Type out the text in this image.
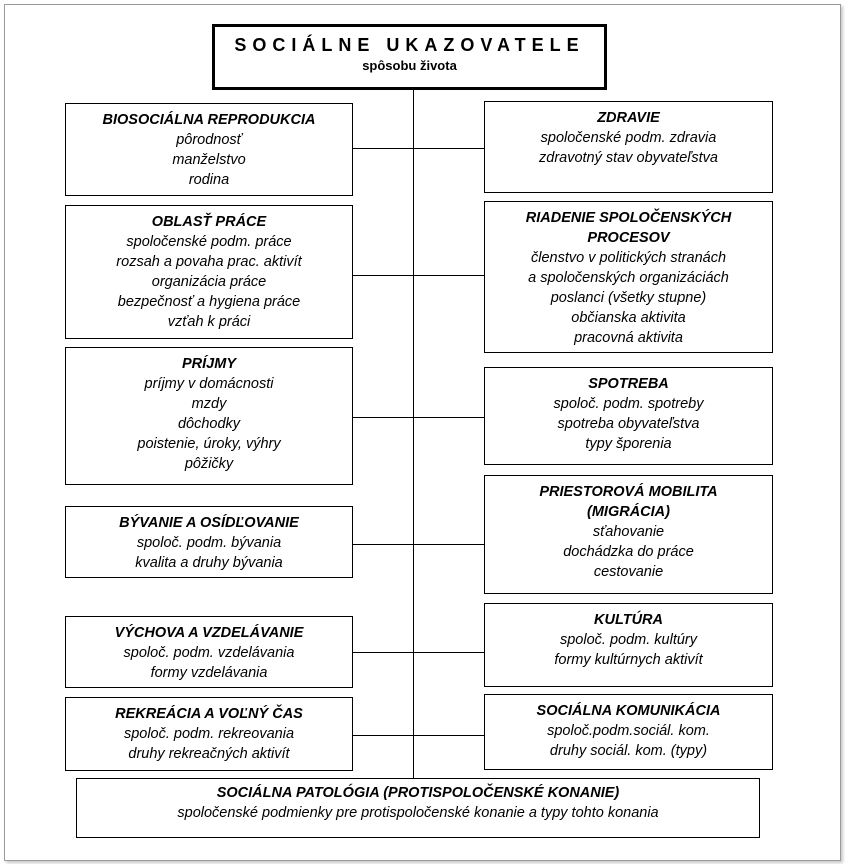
SOCIÁLNE UKAZOVATELE
spôsobu života
BIOSOCIÁLNA REPRODUKCIA
pôrodnosť
manželstvo
rodina
OBLASŤ PRÁCE
spoločenské podm. práce
rozsah a povaha prac. aktivít
organizácia práce
bezpečnosť a hygiena práce
vzťah k práci
PRÍJMY
príjmy v domácnosti
mzdy
dôchodky
poistenie, úroky, výhry
pôžičky
BÝVANIE A OSÍDĽOVANIE
spoloč. podm. bývania
kvalita a druhy bývania
VÝCHOVA A VZDELÁVANIE
spoloč. podm. vzdelávania
formy vzdelávania
REKREÁCIA A VOĽNÝ ČAS
spoloč. podm. rekreovania
druhy rekreačných aktivít
ZDRAVIE
spoločenské podm. zdravia
zdravotný stav obyvateľstva
RIADENIE SPOLOČENSKÝCH
PROCESOV
členstvo v politických stranách
a spoločenských organizáciách
poslanci (všetky stupne)
občianska aktivita
pracovná aktivita
SPOTREBA
spoloč. podm. spotreby
spotreba obyvateľstva
typy šporenia
PRIESTOROVÁ MOBILITA
(MIGRÁCIA)
sťahovanie
dochádzka do práce
cestovanie
KULTÚRA
spoloč. podm. kultúry
formy kultúrnych aktivít
SOCIÁLNA KOMUNIKÁCIA
spoloč.podm.sociál. kom.
druhy sociál. kom. (typy)
SOCIÁLNA PATOLÓGIA (PROTISPOLOČENSKÉ KONANIE)
spoločenské podmienky pre protispoločenské konanie a typy tohto konania
